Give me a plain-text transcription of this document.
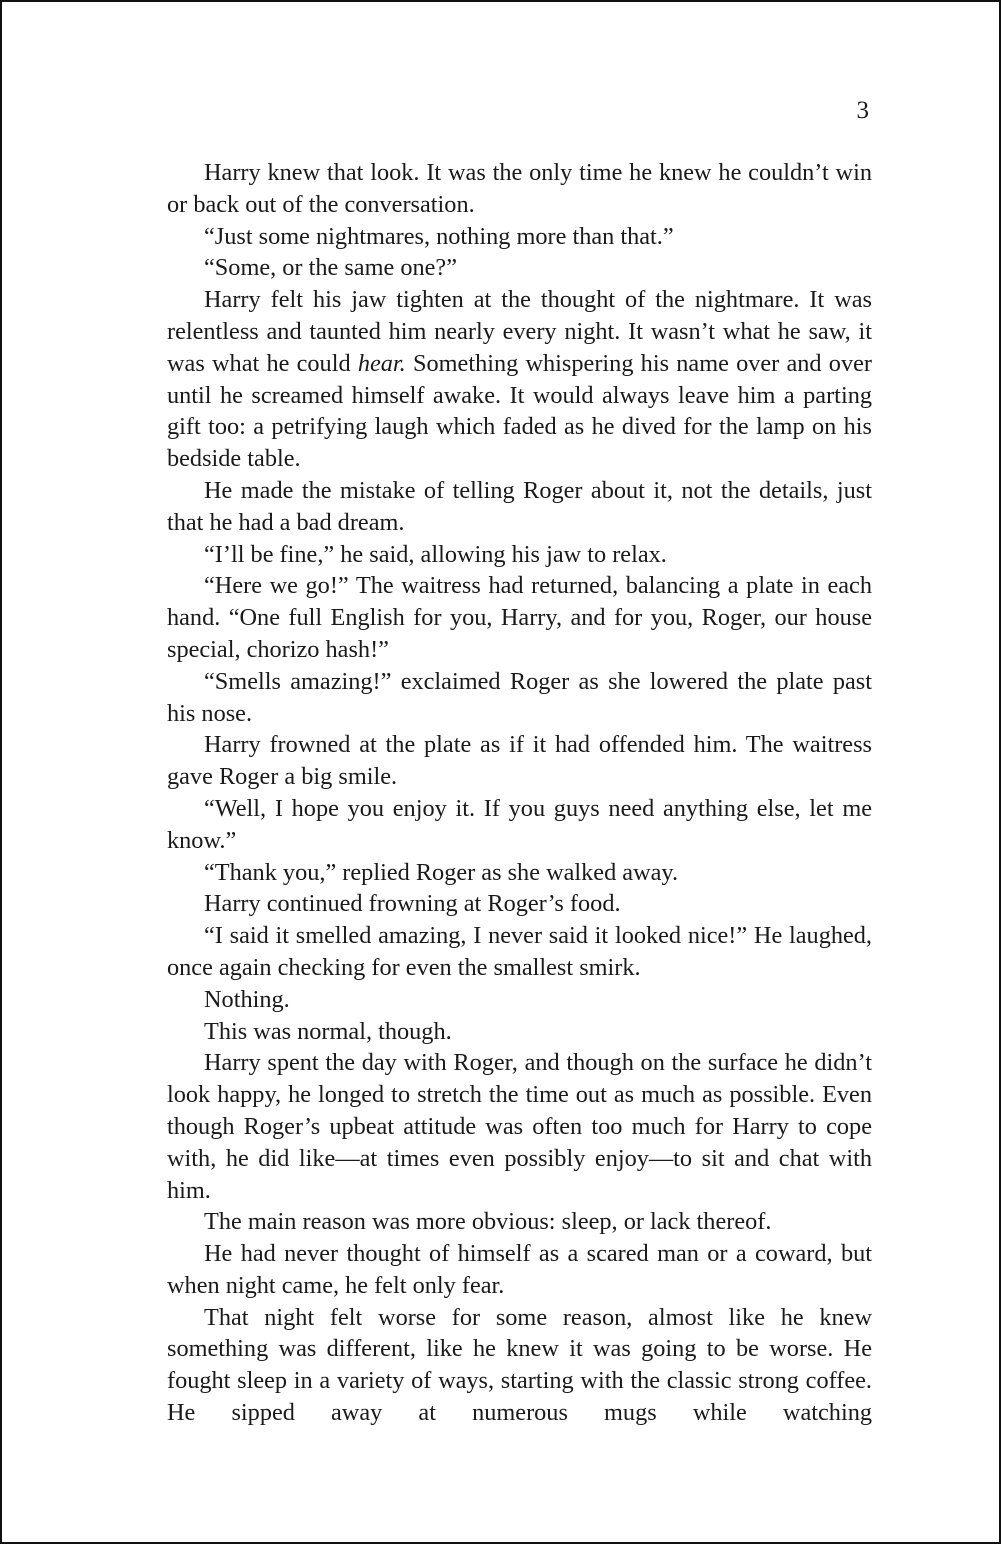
3

Harry knew that look. It was the only time he knew he couldn’t win or back out of the conversation.

“Just some nightmares, nothing more than that.”

“Some, or the same one?”

Harry felt his jaw tighten at the thought of the nightmare. It was relentless and taunted him nearly every night. It wasn’t what he saw, it was what he could hear. Something whispering his name over and over until he screamed himself awake. It would always leave him a parting gift too: a petrifying laugh which faded as he dived for the lamp on his bedside table.

He made the mistake of telling Roger about it, not the details, just that he had a bad dream.

“I’ll be fine,” he said, allowing his jaw to relax.

“Here we go!” The waitress had returned, balancing a plate in each hand. “One full English for you, Harry, and for you, Roger, our house special, chorizo hash!”

“Smells amazing!” exclaimed Roger as she lowered the plate past his nose.

Harry frowned at the plate as if it had offended him. The waitress gave Roger a big smile.

“Well, I hope you enjoy it. If you guys need anything else, let me know.”

“Thank you,” replied Roger as she walked away.

Harry continued frowning at Roger’s food.

“I said it smelled amazing, I never said it looked nice!” He laughed, once again checking for even the smallest smirk.

Nothing.

This was normal, though.

Harry spent the day with Roger, and though on the surface he didn’t look happy, he longed to stretch the time out as much as possible. Even though Roger’s upbeat attitude was often too much for Harry to cope with, he did like—at times even possibly enjoy—to sit and chat with him.

The main reason was more obvious: sleep, or lack thereof.

He had never thought of himself as a scared man or a coward, but when night came, he felt only fear.

That night felt worse for some reason, almost like he knew something was different, like he knew it was going to be worse. He fought sleep in a variety of ways, starting with the classic strong coffee. He sipped away at numerous mugs while watching
